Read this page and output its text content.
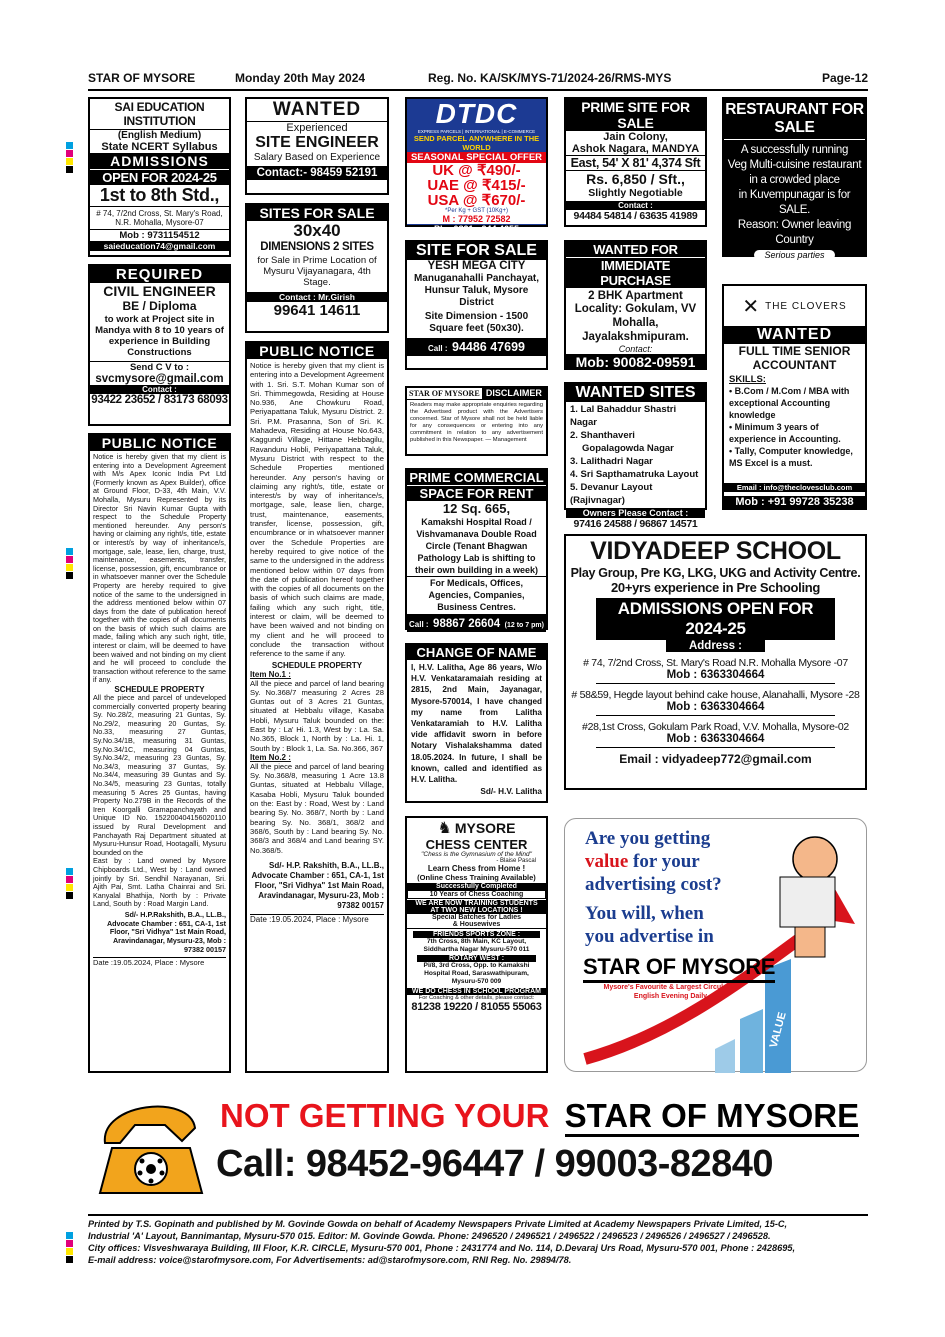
STAR OF MYSORE	Monday 20th May 2024	Reg. No. KA/SK/MYS-71/2024-26/RMS-MYS	Page-12
SAI EDUCATION INSTITUTION
(English Medium)
State NCERT Syllabus
ADMISSIONS
OPEN FOR 2024-25
1st to 8th Std.,
# 74, 7/2nd Cross, St. Mary's Road, N.R. Mohalla, Mysore-07
Mob : 9731154512
saieducation74@gmail.com
REQUIRED
CIVIL ENGINEER
BE / Diploma
to work at Project site in Mandya with 8 to 10 years of experience in Building Constructions
Send C V to :
svcmysore@gmail.com
Contact :
93422 23652 / 83173 68093
PUBLIC NOTICE
Notice is hereby given that my client is entering into a Development Agreement with M/s Apex Iconic India Pvt Ltd (Formerly known as Apex Builder), office at Ground Floor, D-33, 4th Main, V.V. Mohalla, Mysuru Represented by its Director Sri Navin Kumar Gupta with respect to the Schedule Property mentioned hereunder. Any person's having or claiming any right/s, title, estate or interest/s by way of inheritance/s, mortgage, sale, lease, lien, charge, trust, maintenance, easements, transfer, license, possession, gift, encumbrance or in whatsoever manner over the Schedule Property are hereby required to give notice of the same to the undersigned in the address mentioned below within 07 days from the date of publication hereof together with the copies of all documents on the basis of which such claims are made, failing which any such right, title, interest or claim, will be deemed to have been waived and not binding on my client and he will proceed to conclude the transaction without reference to the same if any.
SCHEDULE PROPERTY
All the piece and parcel of undeveloped commercially converted property bearing Sy. No.28/2, measuring 21 Guntas, Sy. No.29/2, measuring 20 Guntas, Sy. No.33, measuring 27 Guntas, Sy.No.34/1B, measuring 31 Guntas, Sy.No.34/1C, measuring 04 Guntas, Sy.No.34/2, measuring 23 Guntas, Sy. No.34/3, measuring 37 Guntas, Sy. No.34/4, measuring 39 Guntas and Sy. No.34/5, measuring 23 Guntas, totally measuring 5 Acres 25 Guntas, having Property No.279B in the Records of the Iren Koorgalli Gramapanchayath and Unique ID No. 152200404156020110 issued by Rural Development and Panchayath Raj Department situated at Mysuru-Hunsur Road, Hootagalli, Mysuru bounded on the
East by : Land owned by Mysore Chipboards Ltd., West by : Land owned jointly by Sri. Sendhil Narayanan, Sri. Ajith Pai, Smt. Latha Chainrai and Sri. Kanyalal Bhathija, North by : Private Land, South by : Road Margin Land.
Sd/- H.P.Rakshith, B.A., LL.B., Advocate Chamber : 651, CA-1, 1st Floor, "Sri Vidhya" 1st Main Road, Aravindanagar, Mysuru-23, Mob : 97382 00157
Date :19.05.2024, Place : Mysore
WANTED
Experienced
SITE ENGINEER
Salary Based on Experience
Contact:- 98459 52191
SITES FOR SALE
30x40
DIMENSIONS 2 SITES
for Sale in Prime Location of Mysuru Vijayanagara, 4th Stage.
Contact : Mr.Girish
99641 14611
PUBLIC NOTICE
Notice is hereby given that my client is entering into a Development Agreement with 1. Sri. S.T. Mohan Kumar son of Sri. Thimmegowda, Residing at House No.936, Ane Chowkuru Road, Periyapattana Taluk, Mysuru District. 2. Sri. P.M. Prasanna, Son of Sri. K. Mahadeva, Residing at House No.643, Kaggundi Village, Hittane Hebbagilu, Ravanduru Hobli, Periyapattana Taluk, Mysuru District with respect to the Schedule Properties mentioned hereunder. Any person's having or claiming any right/s, title, estate or interest/s by way of inheritance/s, mortgage, sale, lease lien, charge, trust, maintenance, easements, transfer, license, possession, gift, encumbrance or in whatsoever manner over the Schedule Properties are hereby required to give notice of the same to the undersigned in the address mentioned below within 07 days from the date of publication hereof together with the copies of all documents on the basis of which such claims are made, failing which any such right, title, interest or claim, will be deemed to have been waived and not binding on my client and he will proceed to conclude the transaction without reference to the same if any.
SCHEDULE PROPERTY
Item No.1 :
All the piece and parcel of land bearing Sy. No.368/7 measuring 2 Acres 28 Guntas out of 3 Acres 21 Guntas, situated at Hebbalu village, Kasaba Hobli, Mysuru Taluk bounded on the: East by : La' Hi. 1.3, West by : La. Sa. No.365, Block 1, North by : La. Hi. 1, South by : Block 1, La. Sa. No.366, 367
Item No.2 :
All the piece and parcel of land bearing Sy. No.368/8, measuring 1 Acre 13.8 Guntas, situated at Hebbalu Village, Kasaba Hobli, Mysuru Taluk bounded on the: East by : Road, West by : Land bearing Sy. No. 368/7, North by : Land bearing Sy. No. 368/1, 368/2 and 368/6, South by : Land bearing Sy. No. 368/3 and 368/4 and Land bearing SY. No.368/5.
Sd/- H.P. Rakshith, B.A., LL.B., Advocate Chamber : 651, CA-1, 1st Floor, "Sri Vidhya" 1st Main Road, Aravindanagar, Mysuru-23, Mob : 97382 00157
Date :19.05.2024, Place : Mysore
DTDC
EXPRESS PARCELS | INTERNATIONAL | E-COMMERCE
SEND PARCEL ANYWHERE IN THE WORLD
SEASONAL SPECIAL OFFER
UK @ ₹490/-
UAE @ ₹415/-
USA @ ₹670/-
*Per Kg + GST (10Kg+)
M : 77952 72582
Ph : 0821 - 244 4655
SITE FOR SALE
YESH MEGA CITY
Manuganahalli Panchayat, Hunsur Taluk, Mysore District
Site Dimension - 1500 Square feet (50x30).
Call : 94486 47699
STAR OF MYSORE DISCLAIMER
Readers may make appropriate enquiries regarding the Advertised product with the Advertisers concerned. Star of Mysore shall not be held liable for any consequences or entering into any commitment in relation to any advertisement published in this Newspaper. — Management
PRIME COMMERCIAL
SPACE FOR RENT
12 Sq. 665,
Kamakshi Hospital Road / Vishvamanava Double Road Circle (Tenant Bhagwan Pathology Lab is shifting to their own building in a week)
For Medicals, Offices, Agencies, Companies, Business Centres.
Call : 98867 26604 (12 to 7 pm)
CHANGE OF NAME
I, H.V. Lalitha, Age 86 years, W/o H.V. Venkataramaiah residing at 2815, 2nd Main, Jayanagar, Mysore-570014, I have changed my name from Lalitha Venkataramiah to H.V. Lalitha vide affidavit sworn in before Notary Vishalakshamma dated 18.05.2024. In future, I shall be known, called and identified as H.V. Lalitha.
Sd/- H.V. Lalitha
♞ MYSORE
CHESS CENTER
"Chess is the Gymnasium of the Mind"
- Blaise Pascal
Learn Chess from Home !
(Online Chess Training Available)
Successfully Completed
10 Years of Chess Coaching
WE ARE NOW TRAINING STUDENTS
AT TWO NEW LOCATIONS !
Special Batches for Ladies
& Housewives
FRIENDS SPORTS ZONE :
7th Cross, 8th Main, KC Layout, Siddhartha Nagar Mysuru-570 011
ROTARY WEST :
Pi/8, 3rd Cross, Opp. to Kamakshi Hospital Road, Saraswathipuram, Mysuru-570 009
WE DO CHESS IN SCHOOL PROGRAM
For Coaching & other details, please contact:
81238 19220 / 81055 55063
PRIME SITE FOR SALE
Jain Colony,
Ashok Nagara, MANDYA
East, 54' X 81' 4,374 Sft
Rs. 6,850 / Sft.,
Slightly Negotiable
Contact :
94484 54814 / 63635 41989
WANTED FOR
IMMEDIATE PURCHASE
2 BHK Apartment
Locality: Gokulam, VV Mohalla, Jayalakshmipuram.
Contact:
Mob: 90082-09591
WANTED SITES
1. Lal Bahaddur Shastri Nagar
2. Shanthaveri
Gopalagowda Nagar
3. Lalithadri Nagar
4. Sri Sapthamatruka Layout
5. Devanur Layout (Rajivnagar)
Owners Please Contact :
97416 24588 / 96867 14571
RESTAURANT FOR SALE
A successfully running
Veg Multi-cuisine restaurant
in a crowded place
in Kuvempunagar is for SALE.
Reason: Owner leaving Country
Serious parties
Call : 82963-32888
✕ THE CLOVERS
WANTED
FULL TIME SENIOR
ACCOUNTANT
SKILLS:
• B.Com / M.Com / MBA with exceptional Accounting knowledge
• Minimum 3 years of experience in Accounting.
• Tally, Computer knowledge, MS Excel is a must.
Email : info@theclovesclub.com
Mob : +91 99728 35238
VIDYADEEP SCHOOL
Play Group, Pre KG, LKG, UKG and Activity Centre.
20+yrs experience in Pre Schooling
ADMISSIONS OPEN FOR 2024-25
Address :
# 74, 7/2nd Cross, St. Mary's Road N.R. Mohalla Mysore -07
Mob : 6363304664
# 58&59, Hegde layout behind cake house, Alanahalli, Mysore -28
Mob : 6363304664
#28,1st Cross, Gokulam Park Road, V.V. Mohalla, Mysore-02
Mob : 6363304664
Email : vidyadeep772@gmail.com
Are you getting
value for your
advertising cost?
You will, when
you advertise in
STAR OF MYSORE
Mysore's Favourite & Largest Circulated
English Evening Daily
VALUE
NOT GETTING YOUR STAR OF MYSORE
Call: 98452-96447 / 99003-82840
Printed by T.S. Gopinath and published by M. Govinde Gowda on behalf of Academy Newspapers Private Limited at Academy Newspapers Private Limited, 15-C,
Industrial 'A' Layout, Bannimantap, Mysuru-570 015. Editor: M. Govinde Gowda. Phone: 2496520 / 2496521 / 2496522 / 2496523 / 2496526 / 2496527 / 2496528.
City offices: Visveshwaraya Building, III Floor, K.R. CIRCLE, Mysuru-570 001, Phone : 2431774 and No. 114, D.Devaraj Urs Road, Mysuru-570 001, Phone : 2428695,
E-mail address: voice@starofmysore.com, For Advertisements: ad@starofmysore.com, RNI Reg. No. 29894/78.
